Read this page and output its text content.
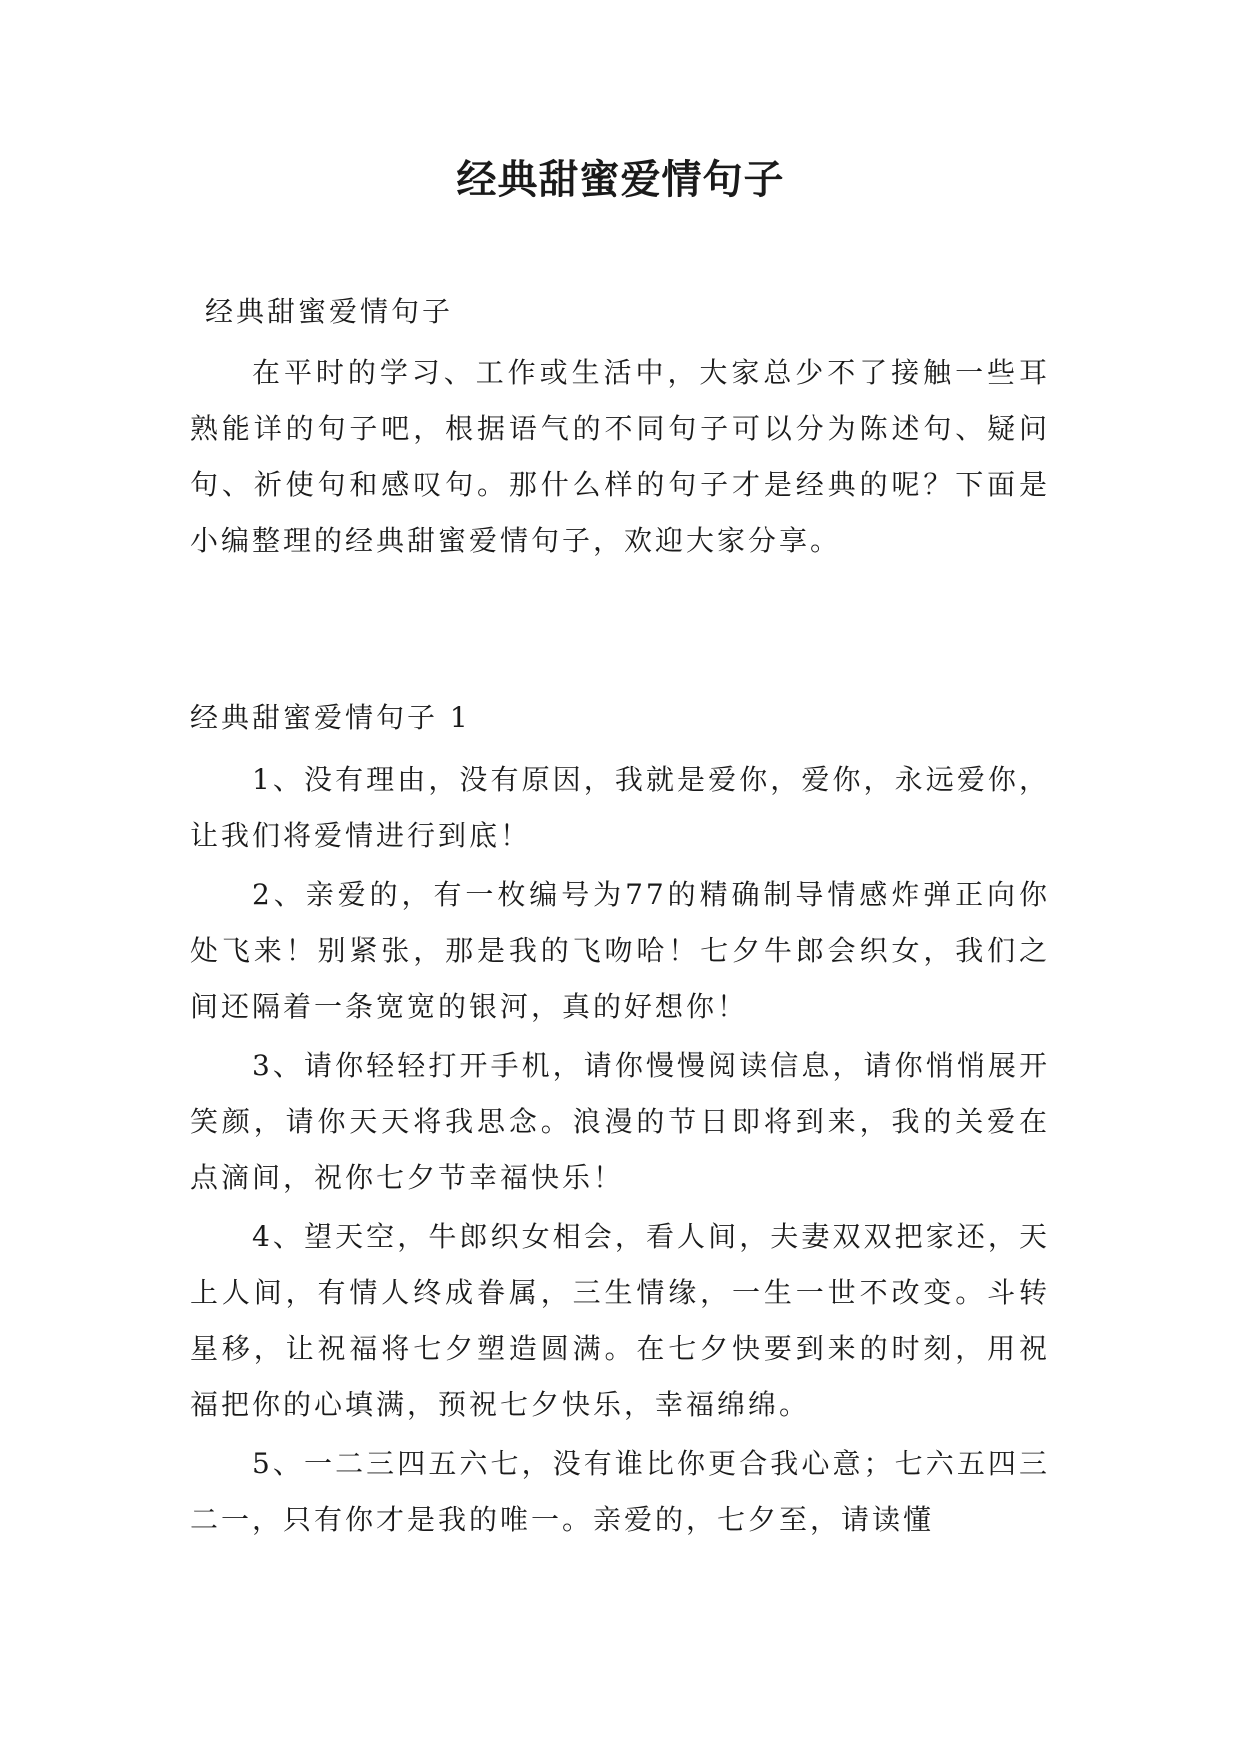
经典甜蜜爱情句子
经典甜蜜爱情句子

在平时的学习、工作或生活中，大家总少不了接触一些耳熟能详的句子吧，根据语气的不同句子可以分为陈述句、疑问句、祈使句和感叹句。那什么样的句子才是经典的呢？下面是小编整理的经典甜蜜爱情句子，欢迎大家分享。

经典甜蜜爱情句子 1

1、没有理由，没有原因，我就是爱你，爱你，永远爱你，让我们将爱情进行到底！

2、亲爱的，有一枚编号为77的精确制导情感炸弹正向你处飞来！别紧张，那是我的飞吻哈！七夕牛郎会织女，我们之间还隔着一条宽宽的银河，真的好想你！

3、请你轻轻打开手机，请你慢慢阅读信息，请你悄悄展开笑颜，请你天天将我思念。浪漫的节日即将到来，我的关爱在点滴间，祝你七夕节幸福快乐！

4、望天空，牛郎织女相会，看人间，夫妻双双把家还，天上人间，有情人终成眷属，三生情缘，一生一世不改变。斗转星移，让祝福将七夕塑造圆满。在七夕快要到来的时刻，用祝福把你的心填满，预祝七夕快乐，幸福绵绵。

5、一二三四五六七，没有谁比你更合我心意；七六五四三二一，只有你才是我的唯一。亲爱的，七夕至，请读懂
